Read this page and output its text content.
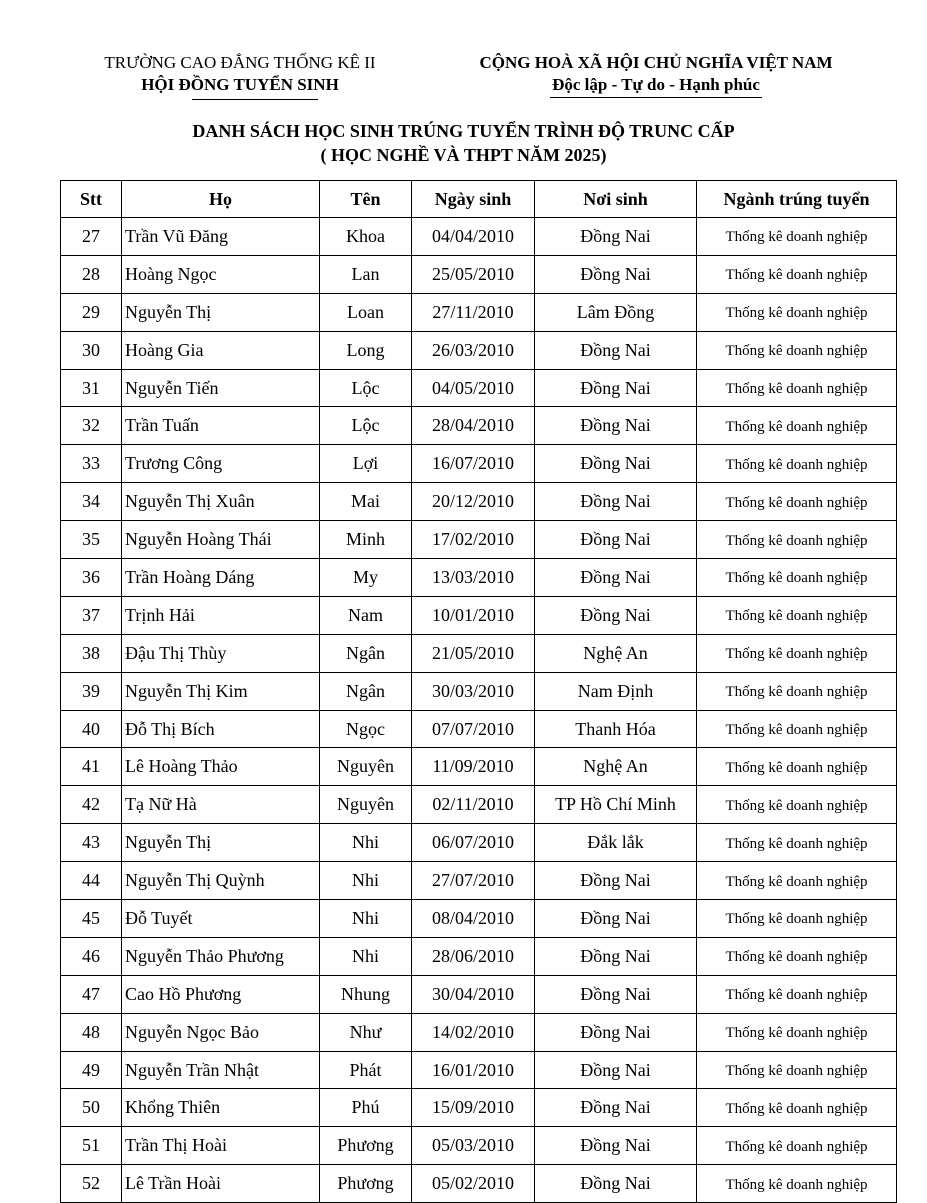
TRƯỜNG CAO ĐẲNG THỐNG KÊ II
HỘI ĐỒNG TUYỂN SINH
CỘNG HOÀ XÃ HỘI CHỦ NGHĨA VIỆT NAM
Độc lập - Tự do - Hạnh phúc
DANH SÁCH HỌC SINH TRÚNG TUYỂN TRÌNH ĐỘ TRUNC CẤP
( HỌC NGHỀ VÀ THPT NĂM 2025)
Stt	Họ	Tên	Ngày sinh	Nơi sinh	Ngành trúng tuyển
27	Trần Vũ Đăng	Khoa	04/04/2010	Đồng Nai	Thống kê doanh nghiệp
28	Hoàng Ngọc	Lan	25/05/2010	Đồng Nai	Thống kê doanh nghiệp
29	Nguyễn Thị	Loan	27/11/2010	Lâm Đồng	Thống kê doanh nghiệp
30	Hoàng Gia	Long	26/03/2010	Đồng Nai	Thống kê doanh nghiệp
31	Nguyễn Tiến	Lộc	04/05/2010	Đồng Nai	Thống kê doanh nghiệp
32	Trần Tuấn	Lộc	28/04/2010	Đồng Nai	Thống kê doanh nghiệp
33	Trương Công	Lợi	16/07/2010	Đồng Nai	Thống kê doanh nghiệp
34	Nguyễn Thị Xuân	Mai	20/12/2010	Đồng Nai	Thống kê doanh nghiệp
35	Nguyễn Hoàng Thái	Minh	17/02/2010	Đồng Nai	Thống kê doanh nghiệp
36	Trần Hoàng Dáng	My	13/03/2010	Đồng Nai	Thống kê doanh nghiệp
37	Trịnh Hải	Nam	10/01/2010	Đồng Nai	Thống kê doanh nghiệp
38	Đậu Thị Thùy	Ngân	21/05/2010	Nghệ An	Thống kê doanh nghiệp
39	Nguyễn Thị Kim	Ngân	30/03/2010	Nam Định	Thống kê doanh nghiệp
40	Đỗ Thị Bích	Ngọc	07/07/2010	Thanh Hóa	Thống kê doanh nghiệp
41	Lê Hoàng Thảo	Nguyên	11/09/2010	Nghệ An	Thống kê doanh nghiệp
42	Tạ Nữ Hà	Nguyên	02/11/2010	TP Hồ Chí Minh	Thống kê doanh nghiệp
43	Nguyễn Thị	Nhi	06/07/2010	Đắk lắk	Thống kê doanh nghiệp
44	Nguyễn Thị Quỳnh	Nhi	27/07/2010	Đồng Nai	Thống kê doanh nghiệp
45	Đỗ Tuyết	Nhi	08/04/2010	Đồng Nai	Thống kê doanh nghiệp
46	Nguyễn Thảo Phương	Nhi	28/06/2010	Đồng Nai	Thống kê doanh nghiệp
47	Cao Hồ Phương	Nhung	30/04/2010	Đồng Nai	Thống kê doanh nghiệp
48	Nguyễn Ngọc Bảo	Như	14/02/2010	Đồng Nai	Thống kê doanh nghiệp
49	Nguyễn Trần Nhật	Phát	16/01/2010	Đồng Nai	Thống kê doanh nghiệp
50	Khổng Thiên	Phú	15/09/2010	Đồng Nai	Thống kê doanh nghiệp
51	Trần Thị Hoài	Phương	05/03/2010	Đồng Nai	Thống kê doanh nghiệp
52	Lê Trần Hoài	Phương	05/02/2010	Đồng Nai	Thống kê doanh nghiệp
